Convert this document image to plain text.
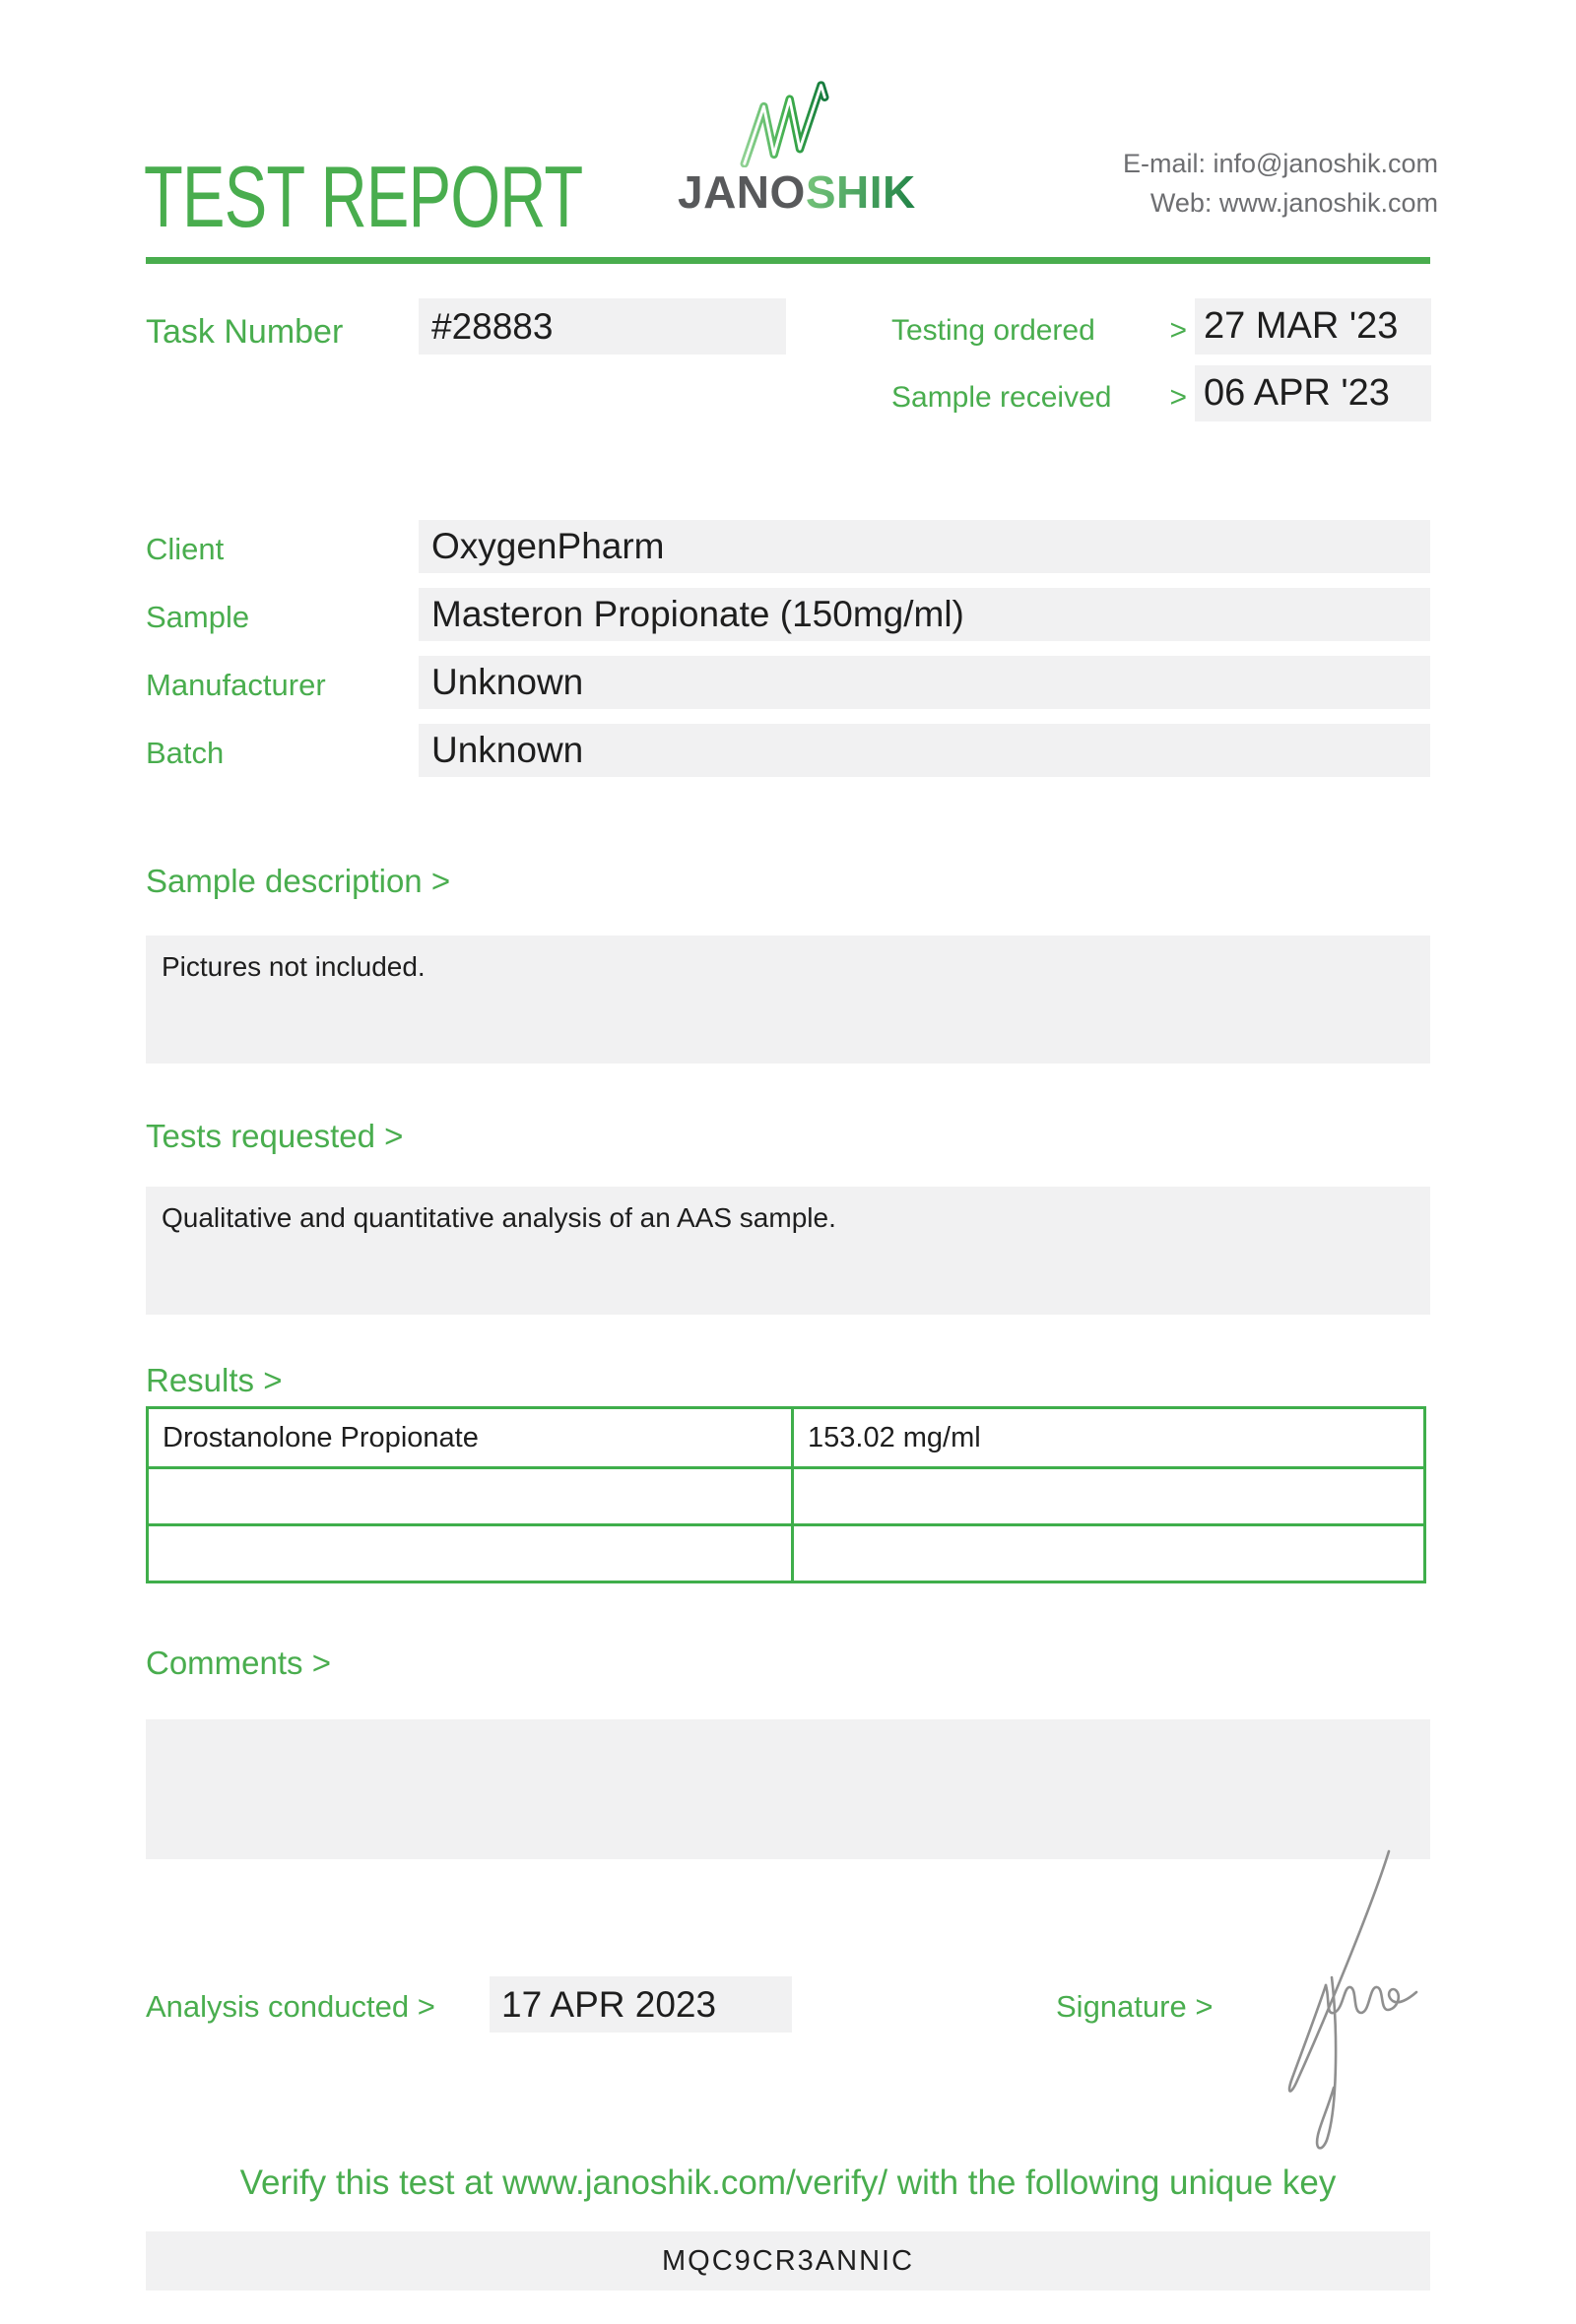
TEST REPORT JANOSHIK
E-mail: info@janoshik.com
Web: www.janoshik.com
Task Number	#28883	Testing ordered	> 27 MAR '23
Sample received > 06 APR '23
Client	OxygenPharm
Sample	Masteron Propionate (150mg/ml)
Manufacturer	Unknown
Batch	Unknown
Sample description >
Pictures not included.
Tests requested >
Qualitative and quantitative analysis of an AAS sample.
Results >
Drostanolone Propionate	153.02 mg/ml
Comments >
Analysis conducted >	17 APR 2023	Signature >
Verify this test at www.janoshik.com/verify/ with the following unique key
MQC9CR3ANNIC
